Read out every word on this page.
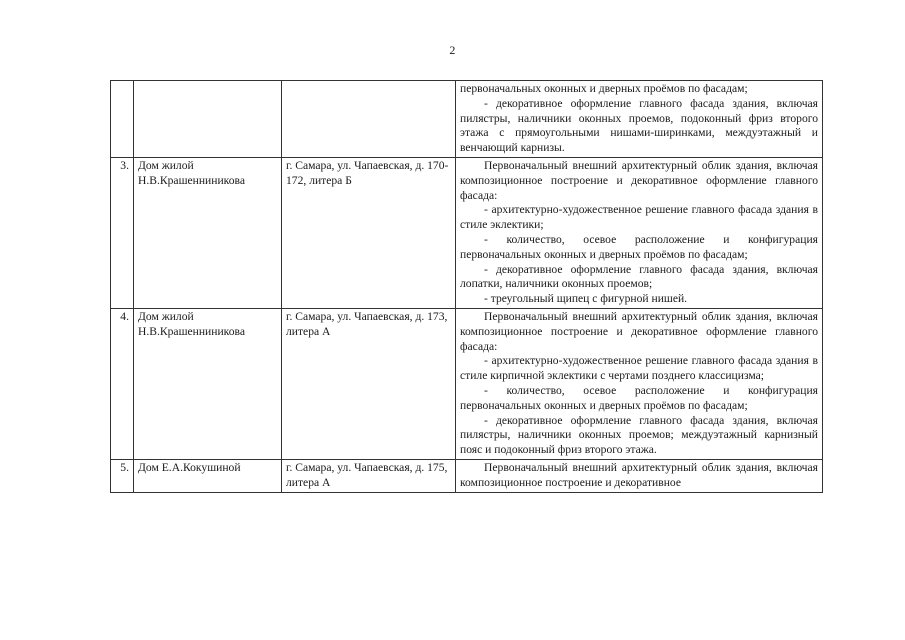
2

			первоначальных оконных и дверных проёмов по фасадам;
- декоративное оформление главного фасада здания, включая пилястры, наличники оконных проемов, подоконный фриз второго этажа с прямоугольными нишами-ширинками, междуэтажный и венчающий карнизы.

3.	Дом жилой Н.В.Крашенниникова	г. Самара, ул. Чапаевская, д. 170-172, литера Б	Первоначальный внешний архитектурный облик здания, включая композиционное построение и декоративное оформление главного фасада:
- архитектурно-художественное решение главного фасада здания в стиле эклектики;
- количество, осевое расположение и конфигурация первоначальных оконных и дверных проёмов по фасадам;
- декоративное оформление главного фасада здания, включая лопатки, наличники оконных проемов;
- треугольный щипец с фигурной нишей.

4.	Дом жилой Н.В.Крашенниникова	г. Самара, ул. Чапаевская, д. 173, литера А	Первоначальный внешний архитектурный облик здания, включая композиционное построение и декоративное оформление главного фасада:
- архитектурно-художественное решение главного фасада здания в стиле кирпичной эклектики с чертами позднего классицизма;
- количество, осевое расположение и конфигурация первоначальных оконных и дверных проёмов по фасадам;
- декоративное оформление главного фасада здания, включая пилястры, наличники оконных проемов; междуэтажный карнизный пояс и подоконный фриз второго этажа.

5.	Дом Е.А.Кокушиной	г. Самара, ул. Чапаевская, д. 175, литера А	Первоначальный внешний архитектурный облик здания, включая композиционное построение и декоративное
